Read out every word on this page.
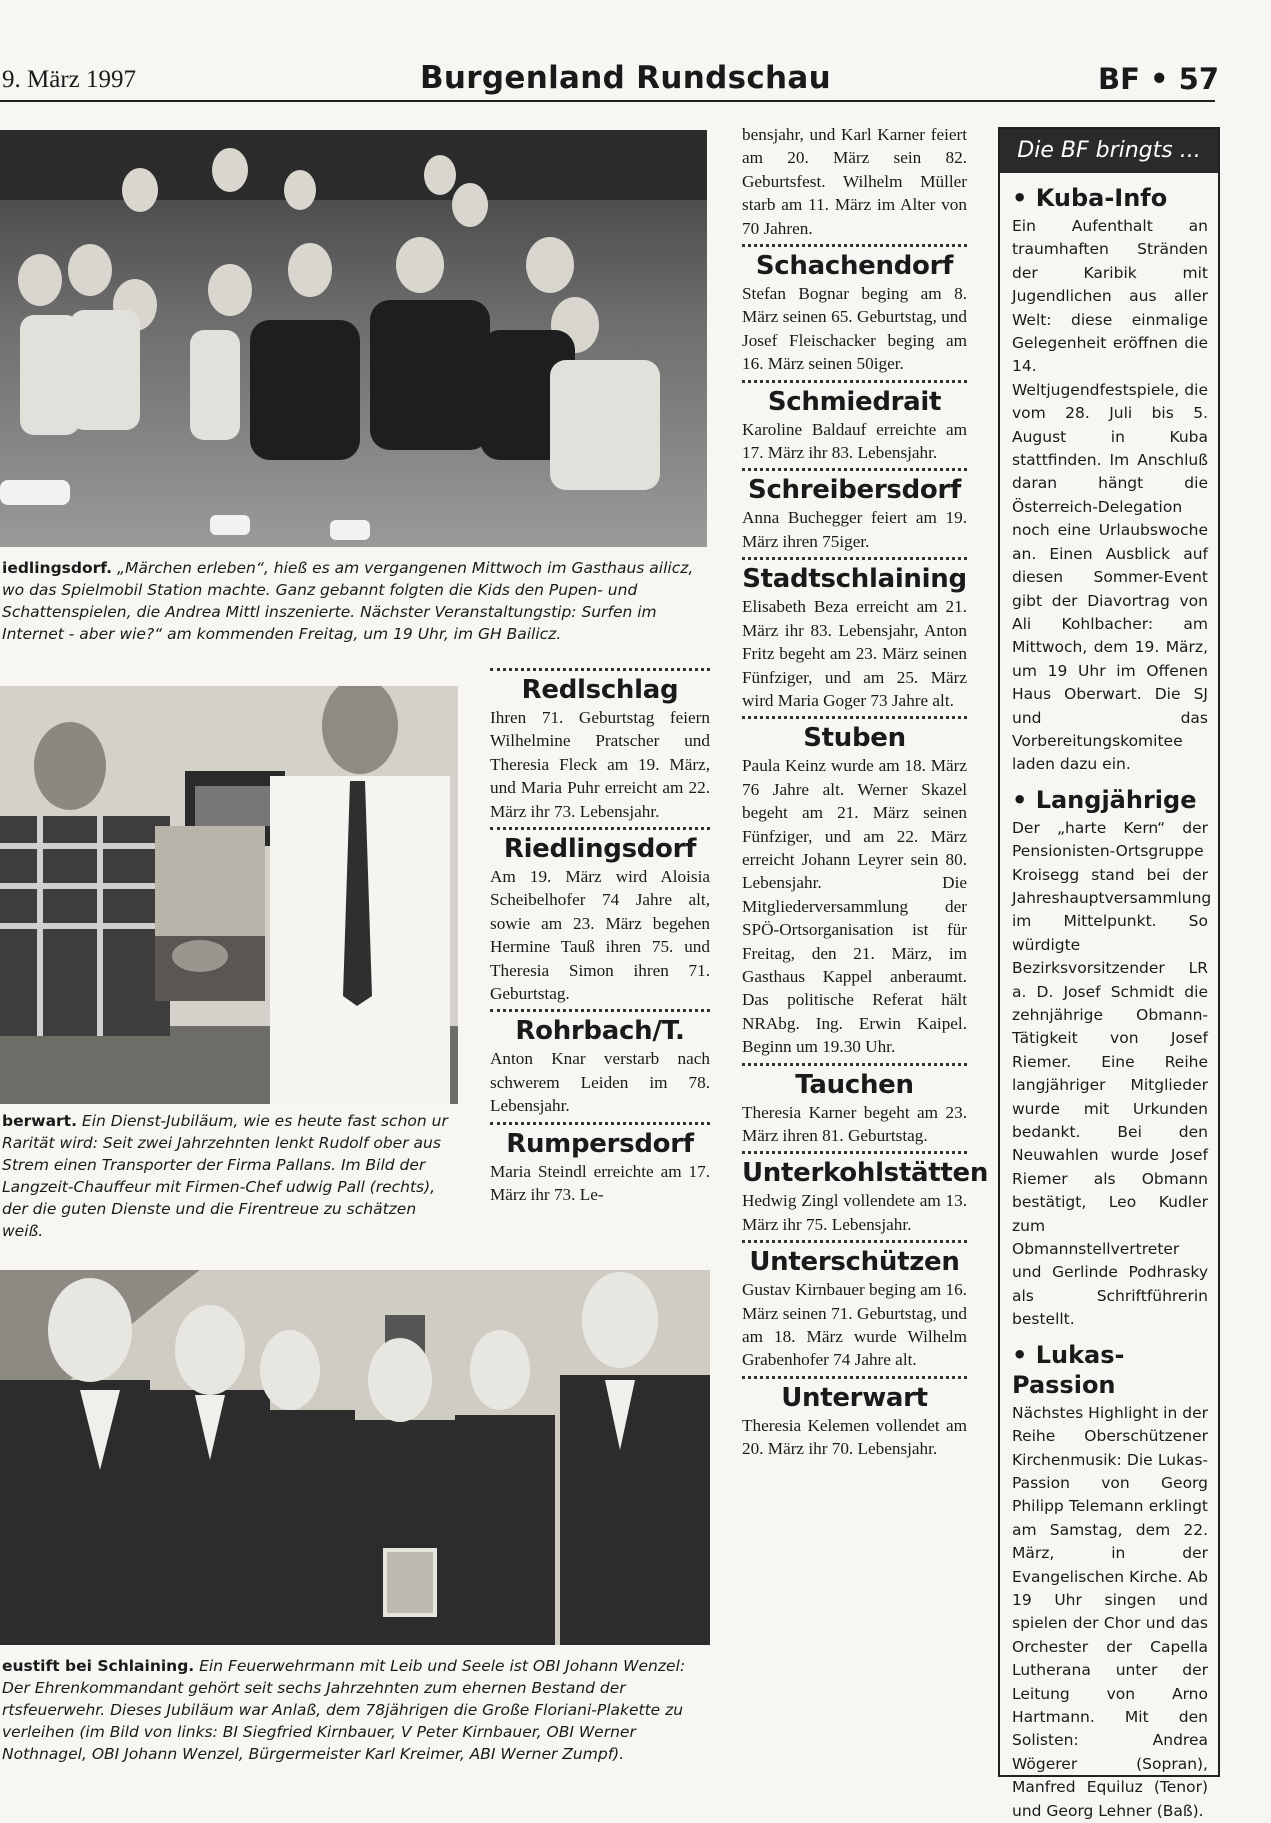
9. März 1997	Burgenland Rundschau	BF • 57
iedlingsdorf. „Märchen erleben“, hieß es am vergangenen Mittwoch im Gasthaus ailicz, wo das Spielmobil Station machte. Ganz gebannt folgten die Kids den Pupen- und Schattenspielen, die Andrea Mittl inszenierte. Nächster Veranstaltungstip: Surfen im Internet - aber wie?“ am kommenden Freitag, um 19 Uhr, im GH Bailicz.
berwart. Ein Dienst-Jubiläum, wie es heute fast schon ur Rarität wird: Seit zwei Jahrzehnten lenkt Rudolf ober aus Strem einen Transporter der Firma Pallans. Im Bild der Langzeit-Chauffeur mit Firmen-Chef udwig Pall (rechts), der die guten Dienste und die Firentreue zu schätzen weiß.
Redlschlag

Ihren 71. Geburtstag feiern Wilhelmine Pratscher und Theresia Fleck am 19. März, und Maria Puhr erreicht am 22. März ihr 73. Lebensjahr.

Riedlingsdorf

Am 19. März wird Aloisia Scheibelhofer 74 Jahre alt, sowie am 23. März begehen Hermine Tauß ihren 75. und Theresia Simon ihren 71. Geburtstag.

Rohrbach/T.

Anton Knar verstarb nach schwerem Leiden im 78. Lebensjahr.

Rumpersdorf

Maria Steindl erreichte am 17. März ihr 73. Le-

eustift bei Schlaining. Ein Feuerwehrmann mit Leib und Seele ist OBI Johann Wenzel: Der Ehrenkommandant gehört seit sechs Jahrzehnten zum ehernen Bestand der rtsfeuerwehr. Dieses Jubiläum war Anlaß, dem 78jährigen die Große Floriani-Plakette zu verleihen (im Bild von links: BI Siegfried Kirnbauer, V Peter Kirnbauer, OBI Werner Nothnagel, OBI Johann Wenzel, Bürgermeister Karl Kreimer, ABI Werner Zumpf).

bensjahr, und Karl Karner feiert am 20. März sein 82. Geburtsfest. Wilhelm Müller starb am 11. März im Alter von 70 Jahren.

Schachendorf

Stefan Bognar beging am 8. März seinen 65. Geburtstag, und Josef Fleischacker beging am 16. März seinen 50iger.

Schmiedrait

Karoline Baldauf erreichte am 17. März ihr 83. Lebensjahr.

Schreibersdorf

Anna Buchegger feiert am 19. März ihren 75iger.

Stadtschlaining

Elisabeth Beza erreicht am 21. März ihr 83. Lebensjahr, Anton Fritz begeht am 23. März seinen Fünfziger, und am 25. März wird Maria Goger 73 Jahre alt.

Stuben

Paula Keinz wurde am 18. März 76 Jahre alt. Werner Skazel begeht am 21. März seinen Fünfziger, und am 22. März erreicht Johann Leyrer sein 80. Lebensjahr. Die Mitgliederversammlung der SPÖ-Ortsorganisation ist für Freitag, den 21. März, im Gasthaus Kappel anberaumt. Das politische Referat hält NRAbg. Ing. Erwin Kaipel. Beginn um 19.30 Uhr.

Tauchen

Theresia Karner begeht am 23. März ihren 81. Geburtstag.

Unterkohlstätten

Hedwig Zingl vollendete am 13. März ihr 75. Lebensjahr.

Unterschützen

Gustav Kirnbauer beging am 16. März seinen 71. Geburtstag, und am 18. März wurde Wilhelm Grabenhofer 74 Jahre alt.

Unterwart

Theresia Kelemen vollendet am 20. März ihr 70. Lebensjahr.

Die BF bringts ...
• Kuba-Info

Ein Aufenthalt an traumhaften Stränden der Karibik mit Jugendlichen aus aller Welt: diese einmalige Gelegenheit eröffnen die 14. Weltjugendfestspiele, die vom 28. Juli bis 5. August in Kuba stattfinden. Im Anschluß daran hängt die Österreich-Delegation noch eine Urlaubswoche an. Einen Ausblick auf diesen Sommer-Event gibt der Diavortrag von Ali Kohlbacher: am Mittwoch, dem 19. März, um 19 Uhr im Offenen Haus Oberwart. Die SJ und das Vorbereitungskomitee laden dazu ein.

• Langjährige

Der „harte Kern“ der Pensionisten-Ortsgruppe Kroisegg stand bei der Jahreshauptversammlung im Mittelpunkt. So würdigte Bezirksvorsitzender LR a. D. Josef Schmidt die zehnjährige Obmann-Tätigkeit von Josef Riemer. Eine Reihe langjähriger Mitglieder wurde mit Urkunden bedankt. Bei den Neuwahlen wurde Josef Riemer als Obmann bestätigt, Leo Kudler zum Obmannstellvertreter und Gerlinde Podhrasky als Schriftführerin bestellt.

• Lukas-Passion

Nächstes Highlight in der Reihe Oberschützener Kirchenmusik: Die Lukas-Passion von Georg Philipp Telemann erklingt am Samstag, dem 22. März, in der Evangelischen Kirche. Ab 19 Uhr singen und spielen der Chor und das Orchester der Capella Lutherana unter der Leitung von Arno Hartmann. Mit den Solisten: Andrea Wögerer (Sopran), Manfred Equiluz (Tenor) und Georg Lehner (Baß).
